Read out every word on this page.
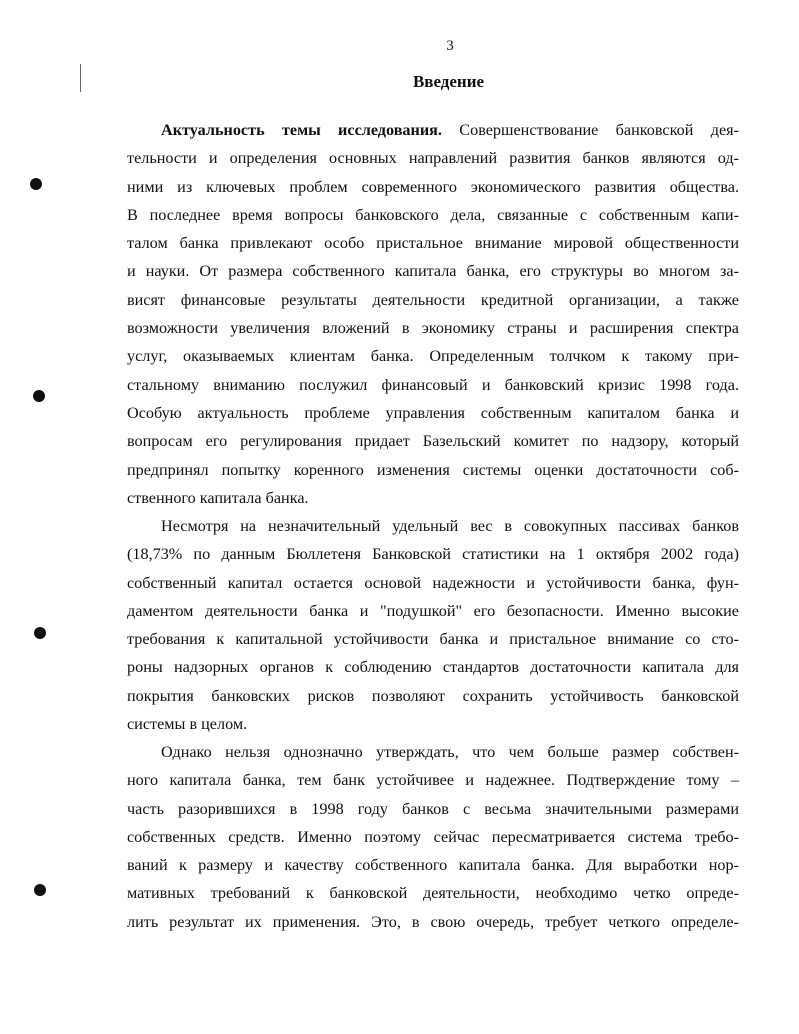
3
Введение
Актуальность темы исследования. Совершенствование банковской дея-
тельности и определения основных направлений развития банков являются од-
ними из ключевых проблем современного экономического развития общества.
В последнее время вопросы банковского дела, связанные с собственным капи-
талом банка привлекают особо пристальное внимание мировой общественности
и науки. От размера собственного капитала банка, его структуры во многом за-
висят финансовые результаты деятельности кредитной организации, а также
возможности увеличения вложений в экономику страны и расширения спектра
услуг, оказываемых клиентам банка. Определенным толчком к такому при-
стальному вниманию послужил финансовый и банковский кризис 1998 года.
Особую актуальность проблеме управления собственным капиталом банка и
вопросам его регулирования придает Базельский комитет по надзору, который
предпринял попытку коренного изменения системы оценки достаточности соб-
ственного капитала банка.
Несмотря на незначительный удельный вес в совокупных пассивах банков
(18,73% по данным Бюллетеня Банковской статистики на 1 октября 2002 года)
собственный капитал остается основой надежности и устойчивости банка, фун-
даментом деятельности банка и "подушкой" его безопасности. Именно высокие
требования к капитальной устойчивости банка и пристальное внимание со сто-
роны надзорных органов к соблюдению стандартов достаточности капитала для
покрытия банковских рисков позволяют сохранить устойчивость банковской
системы в целом.
Однако нельзя однозначно утверждать, что чем больше размер собствен-
ного капитала банка, тем банк устойчивее и надежнее. Подтверждение тому –
часть разорившихся в 1998 году банков с весьма значительными размерами
собственных средств. Именно поэтому сейчас пересматривается система требо-
ваний к размеру и качеству собственного капитала банка. Для выработки нор-
мативных требований к банковской деятельности, необходимо четко опреде-
лить результат их применения. Это, в свою очередь, требует четкого определе-
